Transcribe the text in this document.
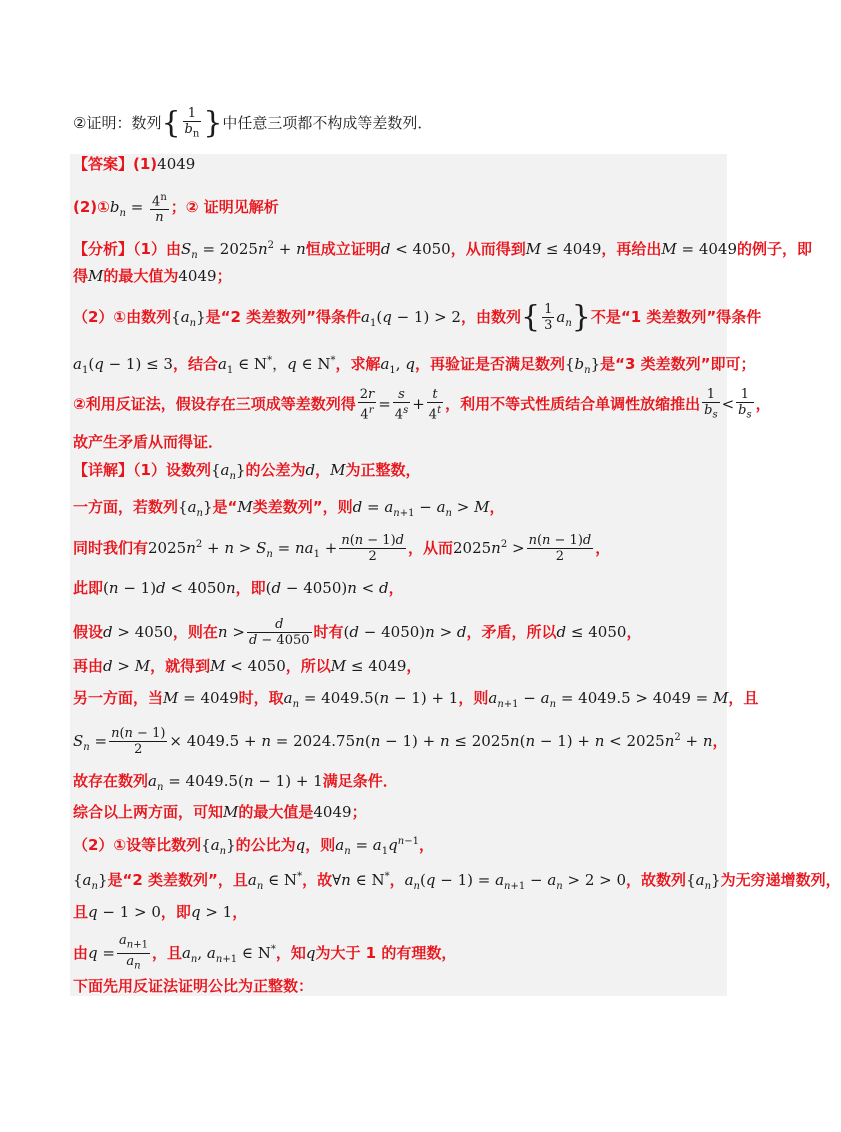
②证明：数列{ $\frac{1}{b_n}$ }中任意三项都不构成等差数列．
【答案】(1)4049
$(2)①b_n = \frac{4^n}{n}$ ；② 证明见解析
【分析】（1）由$S_n = 2025n^2 + n$恒成立证明d < 4050，从而得到M ≤ 4049，再给出M = 4049的例子，即
得M的最大值为4049；
（2）①由数列$\{a_n\}$是“2 类差数列”得条件$a_1(q - 1) > 2$，由数列{ $\frac{1}{3} a_n$}不是“1 类差数列”得条件
$a_1(q - 1) \le 3$，结合$a_1$ ∈ N*，q ∈ N*，求解$a_1$, q，再验证是否满足数列$\{b_n\}$是“3 类差数列”即可；
②利用反证法，假设存在三项成等差数列得 $\frac{2r}{4^r} = \frac{s}{4^s} + \frac{t}{4^t}$ ，利用不等式性质结合单调性放缩推出 $\frac{1}{b_s} < \frac{1}{b_s}$ ，
故产生矛盾从而得证．
【详解】（1）设数列$\{a_n\}$的公差为d，M为正整数，
一方面，若数列$\{a_n\}$是“M类差数列”，则$d = a_{n+1} - a_n > M$，
同时我们有$2025n^2 + n > S_n = na_1 + \frac{n(n - 1)d}{2}$ ，从而$2025n^2 > \frac{n(n - 1)d}{2}$ ，
此即(n − 1)d < 4050n，即(d − 4050)n < d，
假设d > 4050，则在$n > \frac{d}{d - 4050}$ 时有(d − 4050)n > d，矛盾，所以d ≤ 4050，
再由d > M，就得到M < 4050，所以M ≤ 4049，
另一方面，当M = 4049时，取$a_n = 4049.5(n - 1) + 1$，则$a_{n+1} - a_n = 4049.5 > 4049 = M$，且
$S_n = \frac{n(n - 1)}{2} \times 4049.5 + n = 2024.75n(n - 1) + n \le 2025n(n - 1) + n < 2025n^2 + n$，
故存在数列$a_n = 4049.5(n - 1) + 1$满足条件．
综合以上两方面，可知M的最大值是4049；
（2）①设等比数列$\{a_n\}$的公比为q，则$a_n = a_1q^{n-1}$，
$\{a_n\}$是“2 类差数列”，且$a_n$ ∈ N*，故∀n ∈ N*，$a_n(q - 1) = a_{n+1} - a_n > 2 > 0$，故数列$\{a_n\}$为无穷递增数列，
且q − 1 > 0，即q > 1，
由$q = \frac{a_{n+1}}{a_n}$ ，且$a_n$, $a_{n+1}$ ∈ N*，知q为大于 1 的有理数，
下面先用反证法证明公比为正整数：
